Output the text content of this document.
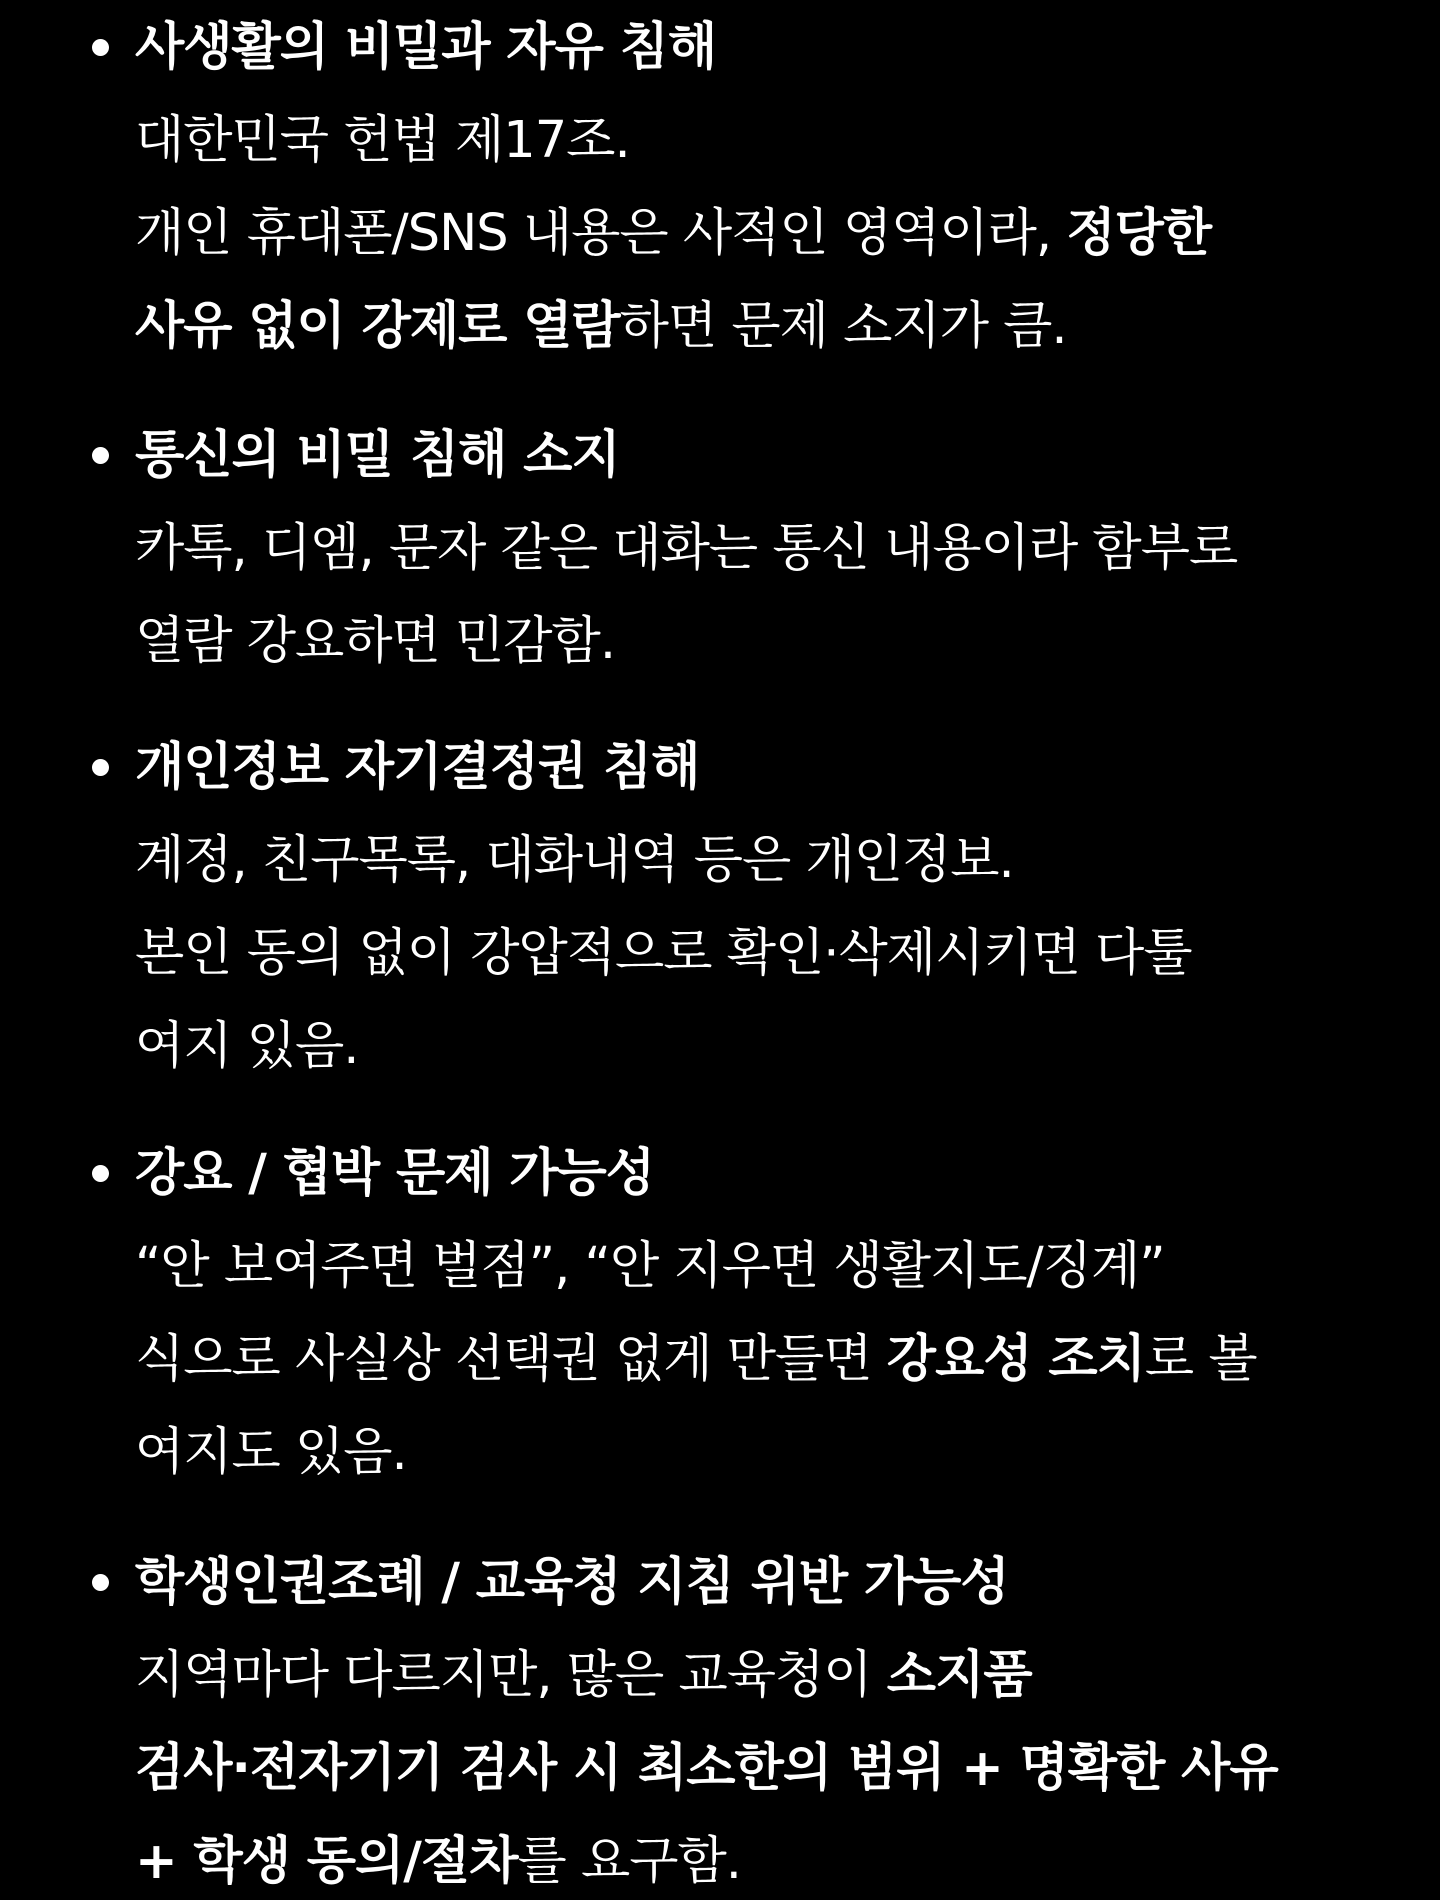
사생활의 비밀과 자유 침해
대한민국 헌법 제17조.
개인 휴대폰/SNS 내용은 사적인 영역이라, 정당한
사유 없이 강제로 열람하면 문제 소지가 큼.
통신의 비밀 침해 소지
카톡, 디엠, 문자 같은 대화는 통신 내용이라 함부로
열람 강요하면 민감함.
개인정보 자기결정권 침해
계정, 친구목록, 대화내역 등은 개인정보.
본인 동의 없이 강압적으로 확인·삭제시키면 다툴
여지 있음.
강요 / 협박 문제 가능성
“안 보여주면 벌점”, “안 지우면 생활지도/징계”
식으로 사실상 선택권 없게 만들면 강요성 조치로 볼
여지도 있음.
학생인권조례 / 교육청 지침 위반 가능성
지역마다 다르지만, 많은 교육청이 소지품
검사·전자기기 검사 시 최소한의 범위 + 명확한 사유
+ 학생 동의/절차를 요구함.
